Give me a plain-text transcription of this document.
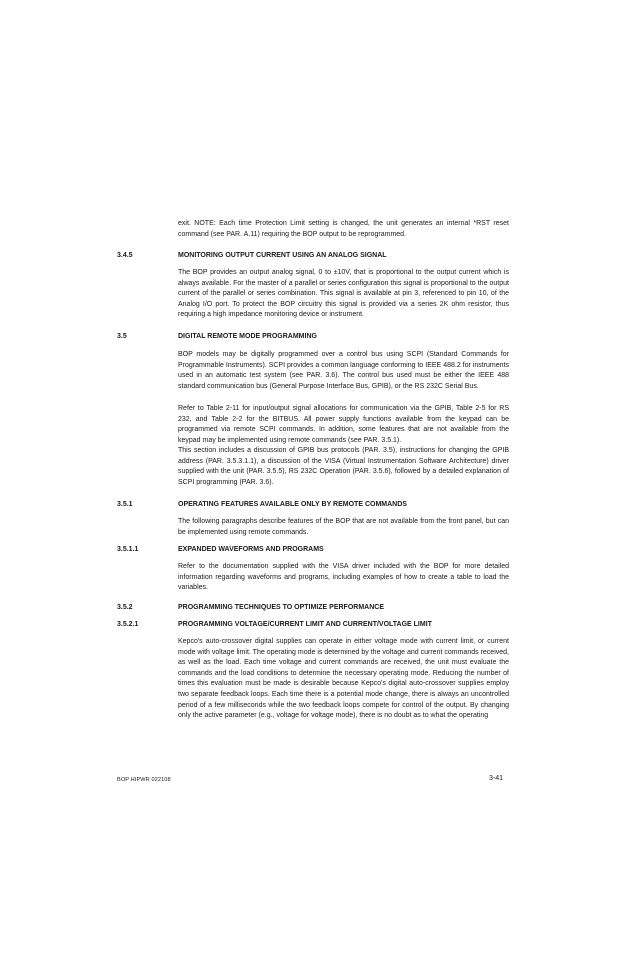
exit. NOTE: Each time Protection Limit setting is changed, the unit generates an internal *RST reset command (see PAR. A.11) requiring the BOP output to be reprogrammed.

3.4.5	MONITORING OUTPUT CURRENT USING AN ANALOG SIGNAL

The BOP provides an output analog signal, 0 to ±10V, that is proportional to the output current which is always available. For the master of a parallel or series configuration this signal is proportional to the output current of the parallel or series combination. This signal is available at pin 3, referenced to pin 10, of the Analog I/O port. To protect the BOP circuitry this signal is provided via a series 2K ohm resistor, thus requiring a high impedance monitoring device or instrument.

3.5	DIGITAL REMOTE MODE PROGRAMMING

BOP models may be digitally programmed over a control bus using SCPI (Standard Commands for Programmable Instruments). SCPI provides a common language conforming to IEEE 488.2 for instruments used in an automatic test system (see PAR. 3.6). The control bus used must be either the IEEE 488 standard communication bus (General Purpose Interface Bus, GPIB), or the RS 232C Serial Bus.

Refer to Table 2-11 for input/output signal allocations for communication via the GPIB, Table 2-5 for RS 232, and Table 2-2 for the BITBUS. All power supply functions available from the keypad can be programmed via remote SCPI commands. In addition, some features that are not available from the keypad may be implemented using remote commands (see PAR. 3.5.1).

This section includes a discussion of GPIB bus protocols (PAR. 3.5), instructions for changing the GPIB address (PAR. 3.5.3.1.1), a discussion of the VISA (Virtual Instrumentation Software Architecture) driver supplied with the unit (PAR. 3.5.5), RS 232C Operation (PAR. 3.5.6), followed by a detailed explanation of SCPI programming (PAR. 3.6).

3.5.1	OPERATING FEATURES AVAILABLE ONLY BY REMOTE COMMANDS

The following paragraphs describe features of the BOP that are not available from the front panel, but can be implemented using remote commands.

3.5.1.1	EXPANDED WAVEFORMS AND PROGRAMS

Refer to the documentation supplied with the VISA driver included with the BOP for more detailed information regarding waveforms and programs, including examples of how to create a table to load the variables.

3.5.2	PROGRAMMING TECHNIQUES TO OPTIMIZE PERFORMANCE
3.5.2.1	PROGRAMMING VOLTAGE/CURRENT LIMIT AND CURRENT/VOLTAGE LIMIT

Kepco's auto-crossover digital supplies can operate in either voltage mode with current limit, or current mode with voltage limit. The operating mode is determined by the voltage and current commands received, as well as the load. Each time voltage and current commands are received, the unit must evaluate the commands and the load conditions to determine the necessary operating mode. Reducing the number of times this evaluation must be made is desirable because Kepco's digital auto-crossover supplies employ two separate feedback loops. Each time there is a potential mode change, there is always an uncontrolled period of a few milliseconds while the two feedback loops compete for control of the output. By changing only the active parameter (e.g., voltage for voltage mode), there is no doubt as to what the operating

BOP HIPWR 022108	3-41
